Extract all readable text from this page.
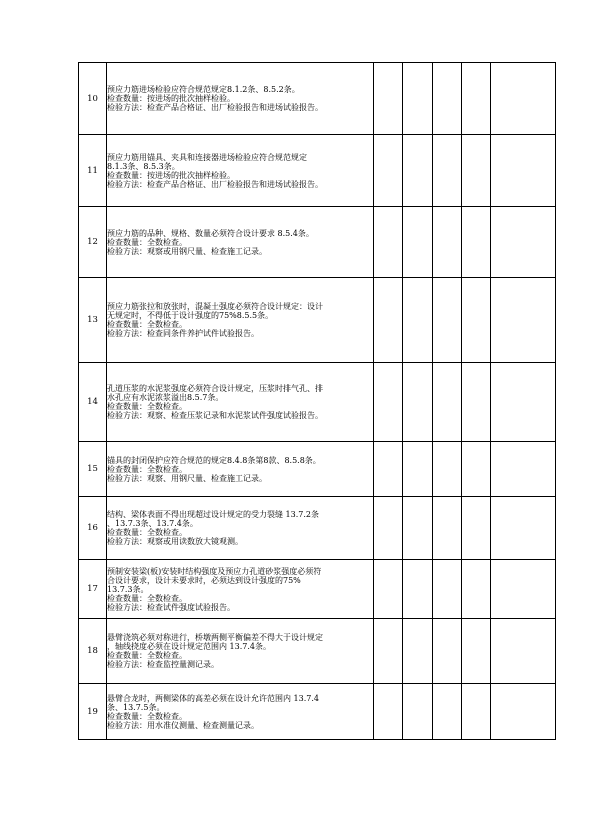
10	预应力筋进场检验应符合规范规定8.1.2条、8.5.2条。
检查数量：按进场的批次抽样检验。
检验方法：检查产品合格证、出厂检验报告和进场试验报告。					

11	预应力筋用锚具、夹具和连接器进场检验应符合规范规定
8.1.3条、8.5.3条。
检查数量：按进场的批次抽样检验。
检验方法：检查产品合格证、出厂检验报告和进场试验报告。					

12	预应力筋的品种、规格、数量必须符合设计要求 8.5.4条。
检查数量：全数检查。
检验方法：观察或用钢尺量、检查施工记录。					

13	预应力筋张拉和放张时，混凝土强度必须符合设计规定：设计
无规定时，不得低于设计强度的75%8.5.5条。
检查数量：全数检查。
检验方法：检查同条件养护试件试验报告。					

14	孔道压浆的水泥浆强度必须符合设计规定，压浆时排气孔、排
水孔应有水泥浓浆溢出8.5.7条。
检查数量：全数检查。
检验方法：观察、检查压浆记录和水泥浆试件强度试验报告。					

15	锚具的封闭保护应符合规范的规定8.4.8条第8款、8.5.8条。
检查数量：全数检查。
检验方法：观察、用钢尺量、检查施工记录。					

16	结构、梁体表面不得出现超过设计规定的受力裂缝 13.7.2条
、13.7.3条、13.7.4条。
检查数量：全数检查。
检验方法：观察或用读数放大镜观测。					

17	预制安装梁(板)安装时结构强度及预应力孔道砂浆强度必须符
合设计要求，设计未要求时，必须达到设计强度的75%
13.7.3条。
检查数量：全数检查。
检验方法：检查试件强度试验报告。					

18	悬臂浇筑必须对称进行，桥墩两侧平衡偏差不得大于设计规定
，轴线挠度必须在设计规定范围内 13.7.4条。
检查数量：全数检查。
检验方法：检查监控量测记录。					

19	悬臂合龙时，两侧梁体的高差必须在设计允许范围内 13.7.4
条、13.7.5条。
检查数量：全数检查。
检验方法：用水准仪测量、检查测量记录。					
